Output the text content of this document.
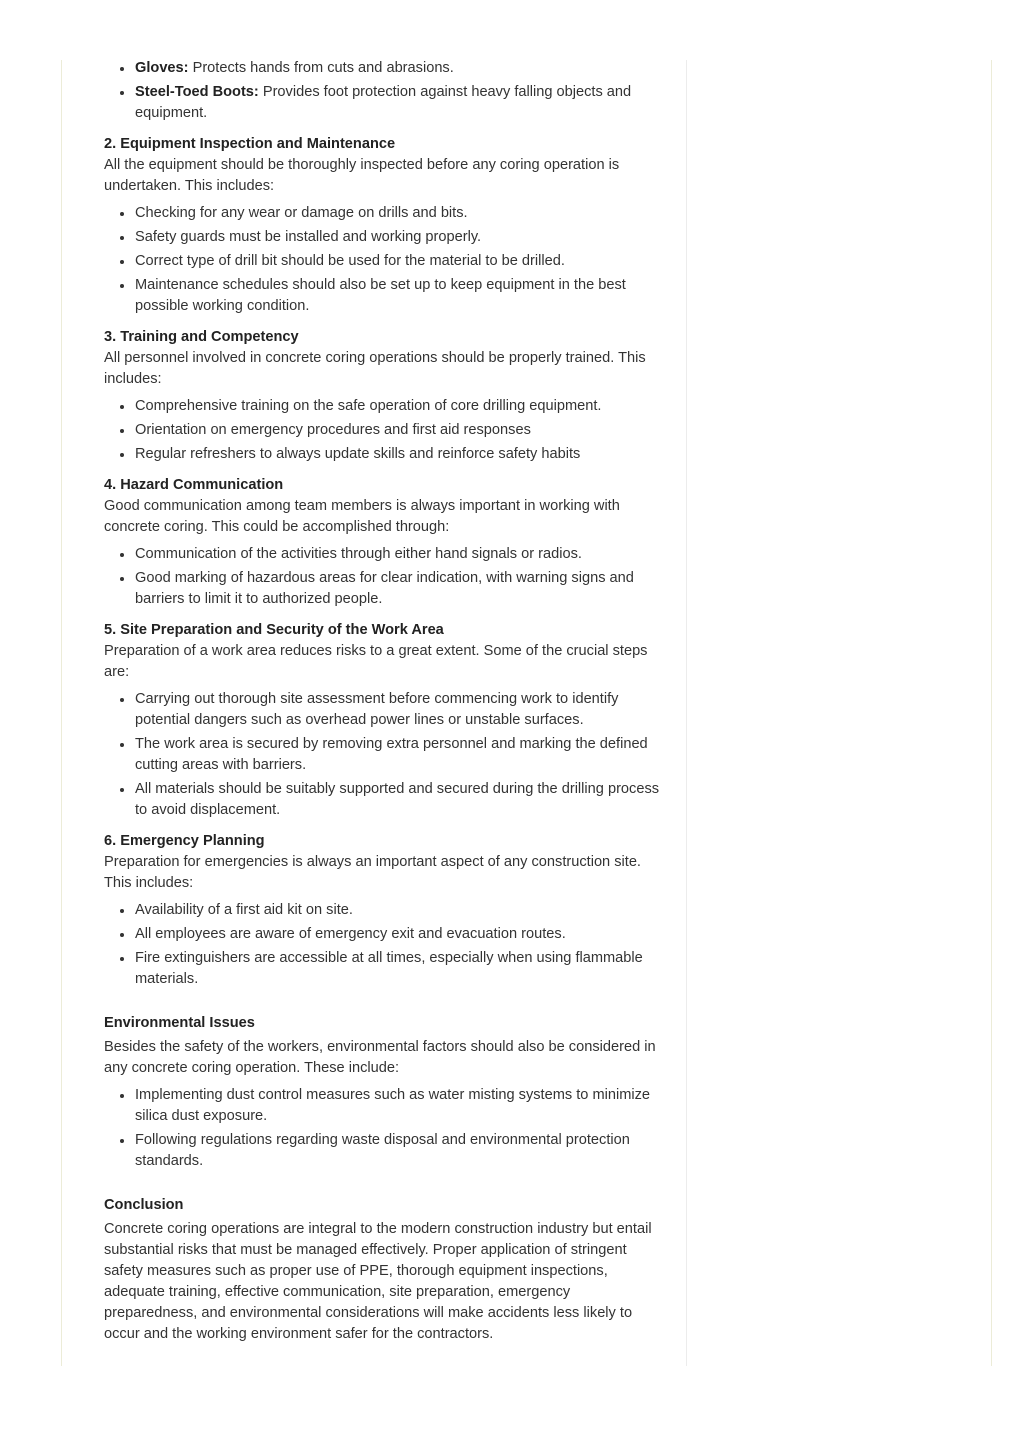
Gloves: Protects hands from cuts and abrasions.
Steel-Toed Boots: Provides foot protection against heavy falling objects and equipment.
2. Equipment Inspection and Maintenance

All the equipment should be thoroughly inspected before any coring operation is undertaken. This includes:

Checking for any wear or damage on drills and bits.
Safety guards must be installed and working properly.
Correct type of drill bit should be used for the material to be drilled.
Maintenance schedules should also be set up to keep equipment in the best possible working condition.
3. Training and Competency

All personnel involved in concrete coring operations should be properly trained. This includes:

Comprehensive training on the safe operation of core drilling equipment.
Orientation on emergency procedures and first aid responses
Regular refreshers to always update skills and reinforce safety habits
4. Hazard Communication

Good communication among team members is always important in working with concrete coring. This could be accomplished through:

Communication of the activities through either hand signals or radios.
Good marking of hazardous areas for clear indication, with warning signs and barriers to limit it to authorized people.
5. Site Preparation and Security of the Work Area

Preparation of a work area reduces risks to a great extent. Some of the crucial steps are:

Carrying out thorough site assessment before commencing work to identify potential dangers such as overhead power lines or unstable surfaces.
The work area is secured by removing extra personnel and marking the defined cutting areas with barriers.
All materials should be suitably supported and secured during the drilling process to avoid displacement.
6. Emergency Planning

Preparation for emergencies is always an important aspect of any construction site. This includes:

Availability of a first aid kit on site.
All employees are aware of emergency exit and evacuation routes.
Fire extinguishers are accessible at all times, especially when using flammable materials.
Environmental Issues

Besides the safety of the workers, environmental factors should also be considered in any concrete coring operation. These include:

Implementing dust control measures such as water misting systems to minimize silica dust exposure.
Following regulations regarding waste disposal and environmental protection standards.
Conclusion

Concrete coring operations are integral to the modern construction industry but entail substantial risks that must be managed effectively. Proper application of stringent safety measures such as proper use of PPE, thorough equipment inspections, adequate training, effective communication, site preparation, emergency preparedness, and environmental considerations will make accidents less likely to occur and the working environment safer for the contractors.
